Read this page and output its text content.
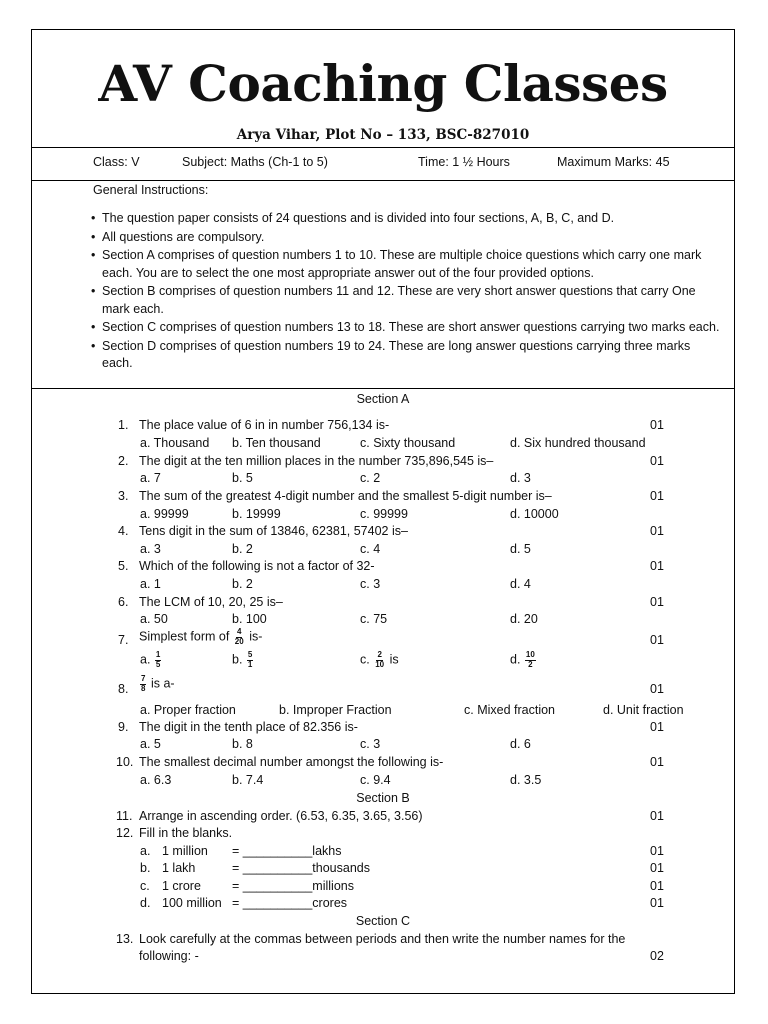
AV Coaching Classes
Arya Vihar, Plot No – 133, BSC-827010
Class: V	Subject: Maths (Ch-1 to 5)	Time: 1 ½ Hours	Maximum Marks: 45
General Instructions:
• The question paper consists of 24 questions and is divided into four sections, A, B, C, and D.
• All questions are compulsory.
• Section A comprises of question numbers 1 to 10. These are multiple choice questions which carry one mark each. You are to select the one most appropriate answer out of the four provided options.
• Section B comprises of question numbers 11 and 12. These are very short answer questions that carry One mark each.
• Section C comprises of question numbers 13 to 18. These are short answer questions carrying two marks each.
• Section D comprises of question numbers 19 to 24. These are long answer questions carrying three marks each.
Section A
1. The place value of 6 in in number 756,134 is-	01
a. Thousand b. Ten thousand	c. Sixty thousand	d. Six hundred thousand
2. The digit at the ten million places in the number 735,896,545 is–	01
a. 7	b. 5	c. 2	d. 3
3. The sum of the greatest 4-digit number and the smallest 5-digit number is–	01
a. 99999	b. 19999	c. 99999	d. 10000
4. Tens digit in the sum of 13846, 62381, 57402 is–	01
a. 3	b. 2	c. 4	d. 5
5. Which of the following is not a factor of 32-	01
a. 1	b. 2	c. 3	d. 4
6. The LCM of 10, 20, 25 is–	01
a. 50	b. 100	c. 75	d. 20
7. Simplest form of $\frac{4}{20} is-$	01
a. $\frac{1}{5}$	b. $\frac{5}{1}$	c. $\frac{2}{10}$ is	d. $\frac{10}{2}$
8. $\frac{7}{8}$ is a-	01
a. Proper fraction	b. Improper Fraction	c. Mixed fraction	d. Unit fraction
9. The digit in the tenth place of 82.356 is-	01
a. 5	b. 8	c. 3	d. 6
10. The smallest decimal number amongst the following is-	01
a. 6.3	b. 7.4	c. 9.4	d. 3.5
Section B
11. Arrange in ascending order. (6.53, 6.35, 3.65, 3.56)	01
12. Fill in the blanks.
a. 1 million = __________lakhs	01
b. 1 lakh	= __________thousands	01
c. 1 crore = __________millions	01
d. 100 million = __________crores	01
Section C
13. Look carefully at the commas between periods and then write the number names for the
following: -	02
